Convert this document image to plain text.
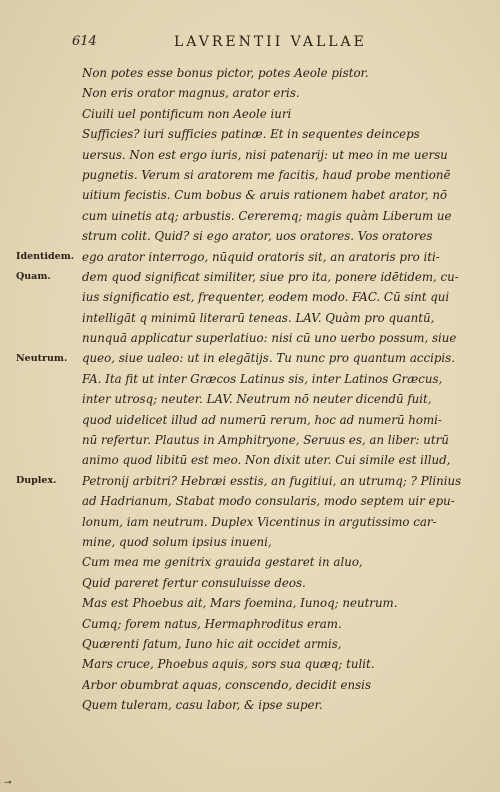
614	LAVRENTII VALLAE
Identidem.
Quam.
Neutrum.
Duplex.
Non potes esse bonus pictor, potes Aeole pistor.
Non eris orator magnus, arator eris.
Ciuili uel pontificum non Aeole iuri
Sufficies? iuri sufficies patinæ. Et in sequentes deinceps
uersus. Non est ergo iuris, nisi patenarij: ut meo in me uersu
pugnetis. Verum si aratorem me facitis, haud probe mentionē
uitium fecistis. Cum bobus & aruis rationem habet arator, nō
cum uinetis atq; arbustis. Cereremq; magis quàm Liberum ue
strum colit. Quid? si ego arator, uos oratores. Vos oratores
ego arator interrogo, nūquid oratoris sit, an aratoris pro iti-
dem quod significat similiter, siue pro ita, ponere idētidem, cu-
ius significatio est, frequenter, eodem modo. FAC. Cū sint qui
intelligāt q minimū literarū teneas. LAV. Quàm pro quantū,
nunquā applicatur superlatiuo: nisi cū uno uerbo possum, siue
queo, siue ualeo: ut in elegātijs. Tu nunc pro quantum accipis.
FA. Ita fit ut inter Græcos Latinus sis, inter Latinos Græcus,
inter utrosq; neuter. LAV. Neutrum nō neuter dicendū fuit,
quod uidelicet illud ad numerū rerum, hoc ad numerū homi-
nū refertur. Plautus in Amphitryone, Seruus es, an liber: utrū
animo quod libitū est meo. Non dixit uter. Cui simile est illud,
Petronij arbitri? Hebræi esstis, an fugitiui, an utrumq; ? Plinius
ad Hadrianum, Stabat modo consularis, modo septem uir epu-
lonum, iam neutrum. Duplex Vicentinus in argutissimo car-
mine, quod solum ipsius inueni,
Cum mea me genitrix grauida gestaret in aluo,
Quid pareret fertur consuluisse deos.
Mas est Phoebus ait, Mars foemina, Iunoq; neutrum.
Cumq; forem natus, Hermaphroditus eram.
Quærenti fatum, Iuno hic ait occidet armis,
Mars cruce, Phoebus aquis, sors sua quæq; tulit.
Arbor obumbrat aquas, conscendo, decidit ensis
Quem tuleram, casu labor, & ipse super.
⊸
